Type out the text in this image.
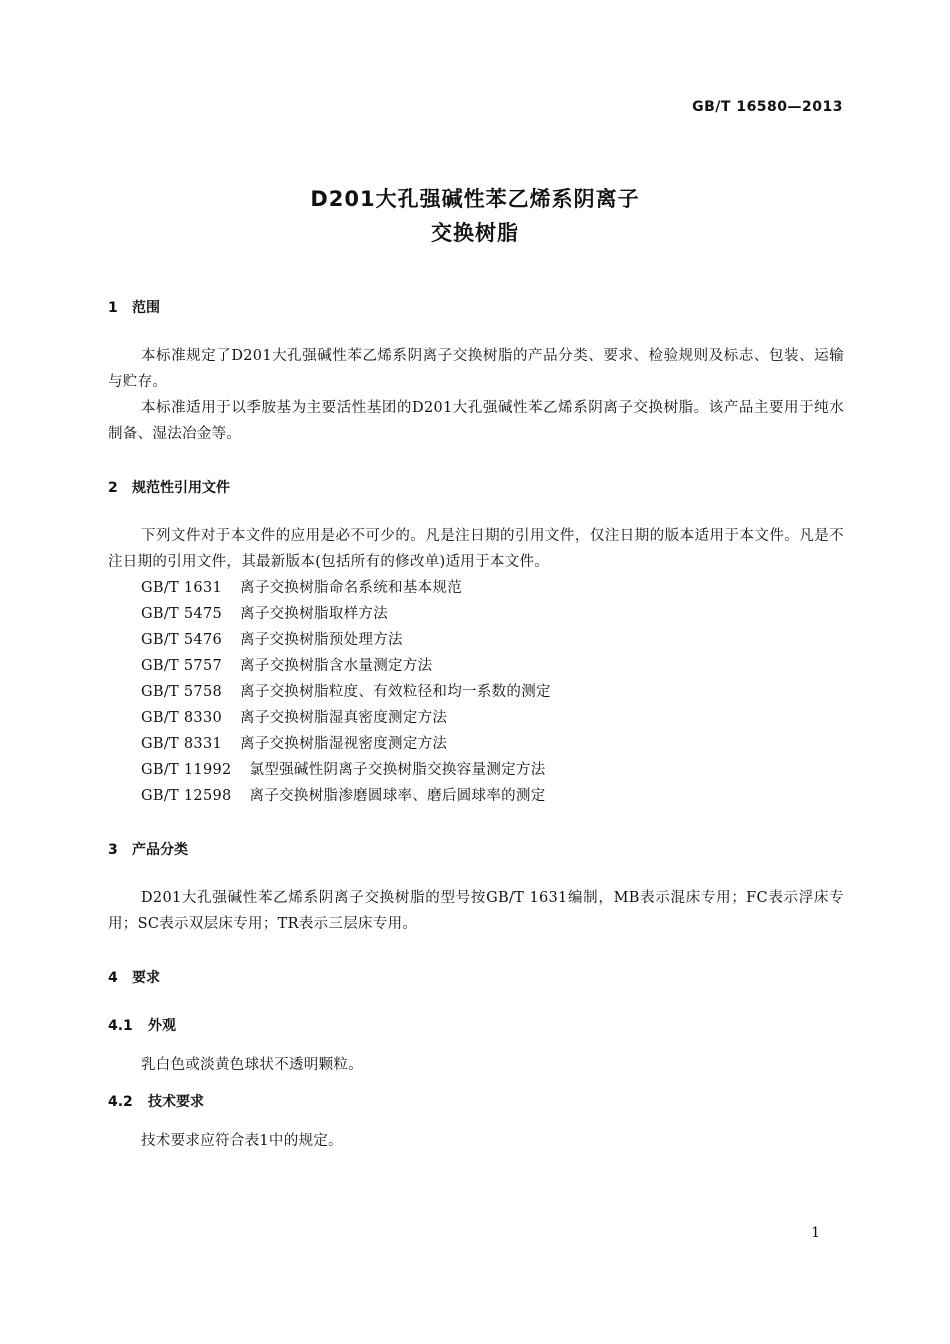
GB/T 16580—2013
D201大孔强碱性苯乙烯系阴离子
交换树脂
1 范围
本标准规定了D201大孔强碱性苯乙烯系阴离子交换树脂的产品分类、要求、检验规则及标志、包装、运输与贮存。
本标准适用于以季胺基为主要活性基团的D201大孔强碱性苯乙烯系阴离子交换树脂。该产品主要用于纯水制备、湿法冶金等。
2 规范性引用文件
下列文件对于本文件的应用是必不可少的。凡是注日期的引用文件，仅注日期的版本适用于本文件。凡是不注日期的引用文件，其最新版本(包括所有的修改单)适用于本文件。
GB/T 1631 离子交换树脂命名系统和基本规范
GB/T 5475 离子交换树脂取样方法
GB/T 5476 离子交换树脂预处理方法
GB/T 5757 离子交换树脂含水量测定方法
GB/T 5758 离子交换树脂粒度、有效粒径和均一系数的测定
GB/T 8330 离子交换树脂湿真密度测定方法
GB/T 8331 离子交换树脂湿视密度测定方法
GB/T 11992 氯型强碱性阴离子交换树脂交换容量测定方法
GB/T 12598 离子交换树脂渗磨圆球率、磨后圆球率的测定
3 产品分类
D201大孔强碱性苯乙烯系阴离子交换树脂的型号按GB/T 1631编制，MB表示混床专用；FC表示浮床专用；SC表示双层床专用；TR表示三层床专用。
4 要求
4.1 外观
乳白色或淡黄色球状不透明颗粒。
4.2 技术要求
技术要求应符合表1中的规定。
1
